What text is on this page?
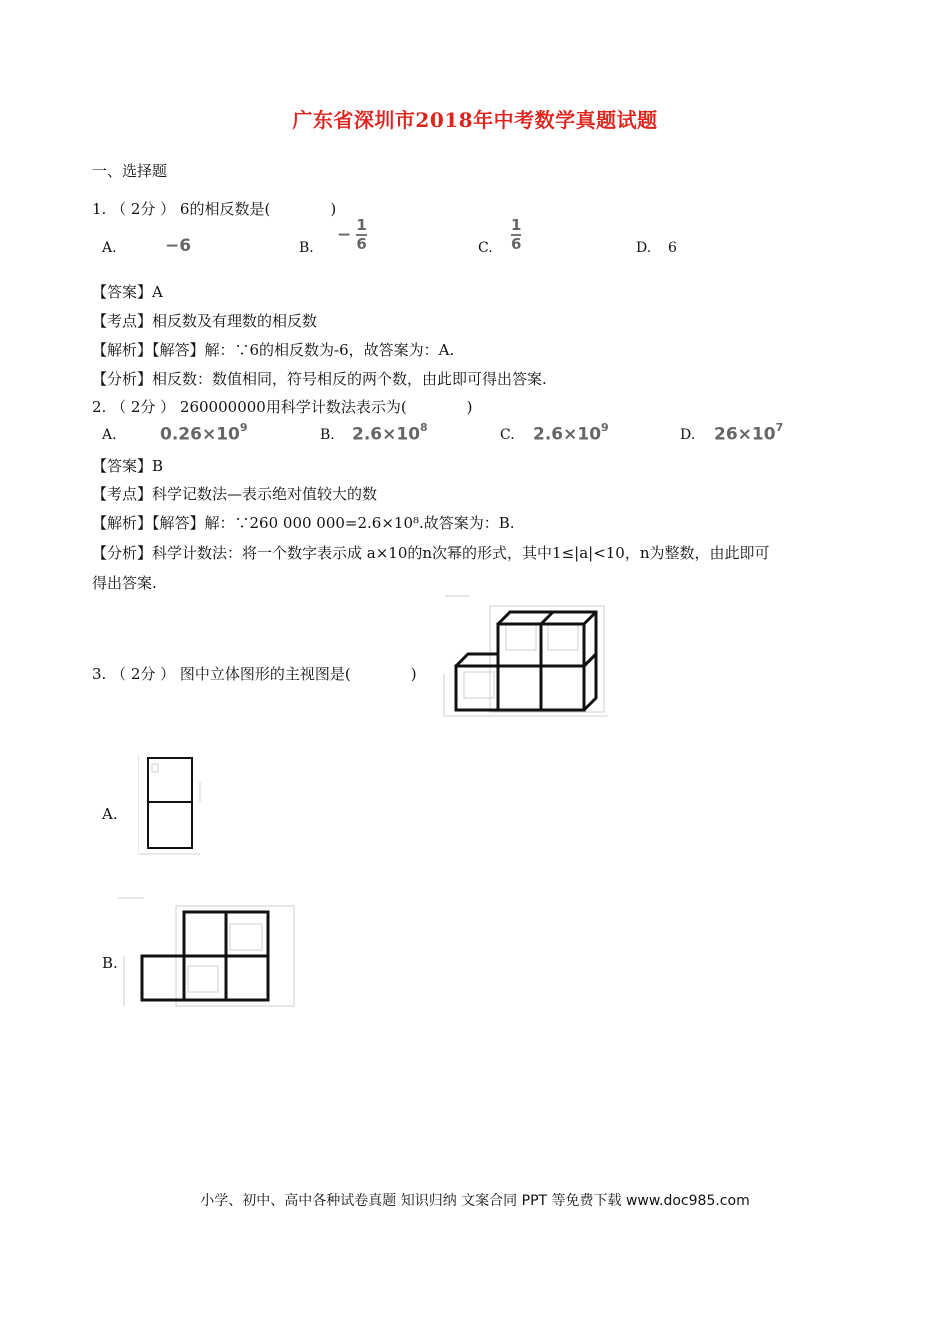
广东省深圳市2018年中考数学真题试题
一、选择题
1. （ 2分 ） 6的相反数是(　　　　)
A.	−6	B.
− $\frac{1}{6}$	C. $\frac{1}{6}$	D. 6
【答案】A
【考点】相反数及有理数的相反数
【解析】【解答】解：∵6的相反数为-6，故答案为：A.
【分析】相反数：数值相同，符号相反的两个数，由此即可得出答案.
2. （ 2分 ） 260000000用科学计数法表示为(　　　　)
A.	$0.26\times 10^9$	B. $2.6\times 10^8$	C. $2.6\times 10^9$	D. $26\times 10^7$
【答案】B
【考点】科学记数法—表示绝对值较大的数
【解析】【解答】解：∵260 000 000=2.6×10⁸.故答案为：B.
【分析】科学计数法：将一个数字表示成 a×10的n次幂的形式，其中1≤|a|<10，n为整数，由此即可
得出答案.
3. （ 2分 ） 图中立体图形的主视图是(　　　　)
A.
B.
小学、初中、高中各种试卷真题 知识归纳 文案合同 PPT 等免费下载 www.doc985.com
